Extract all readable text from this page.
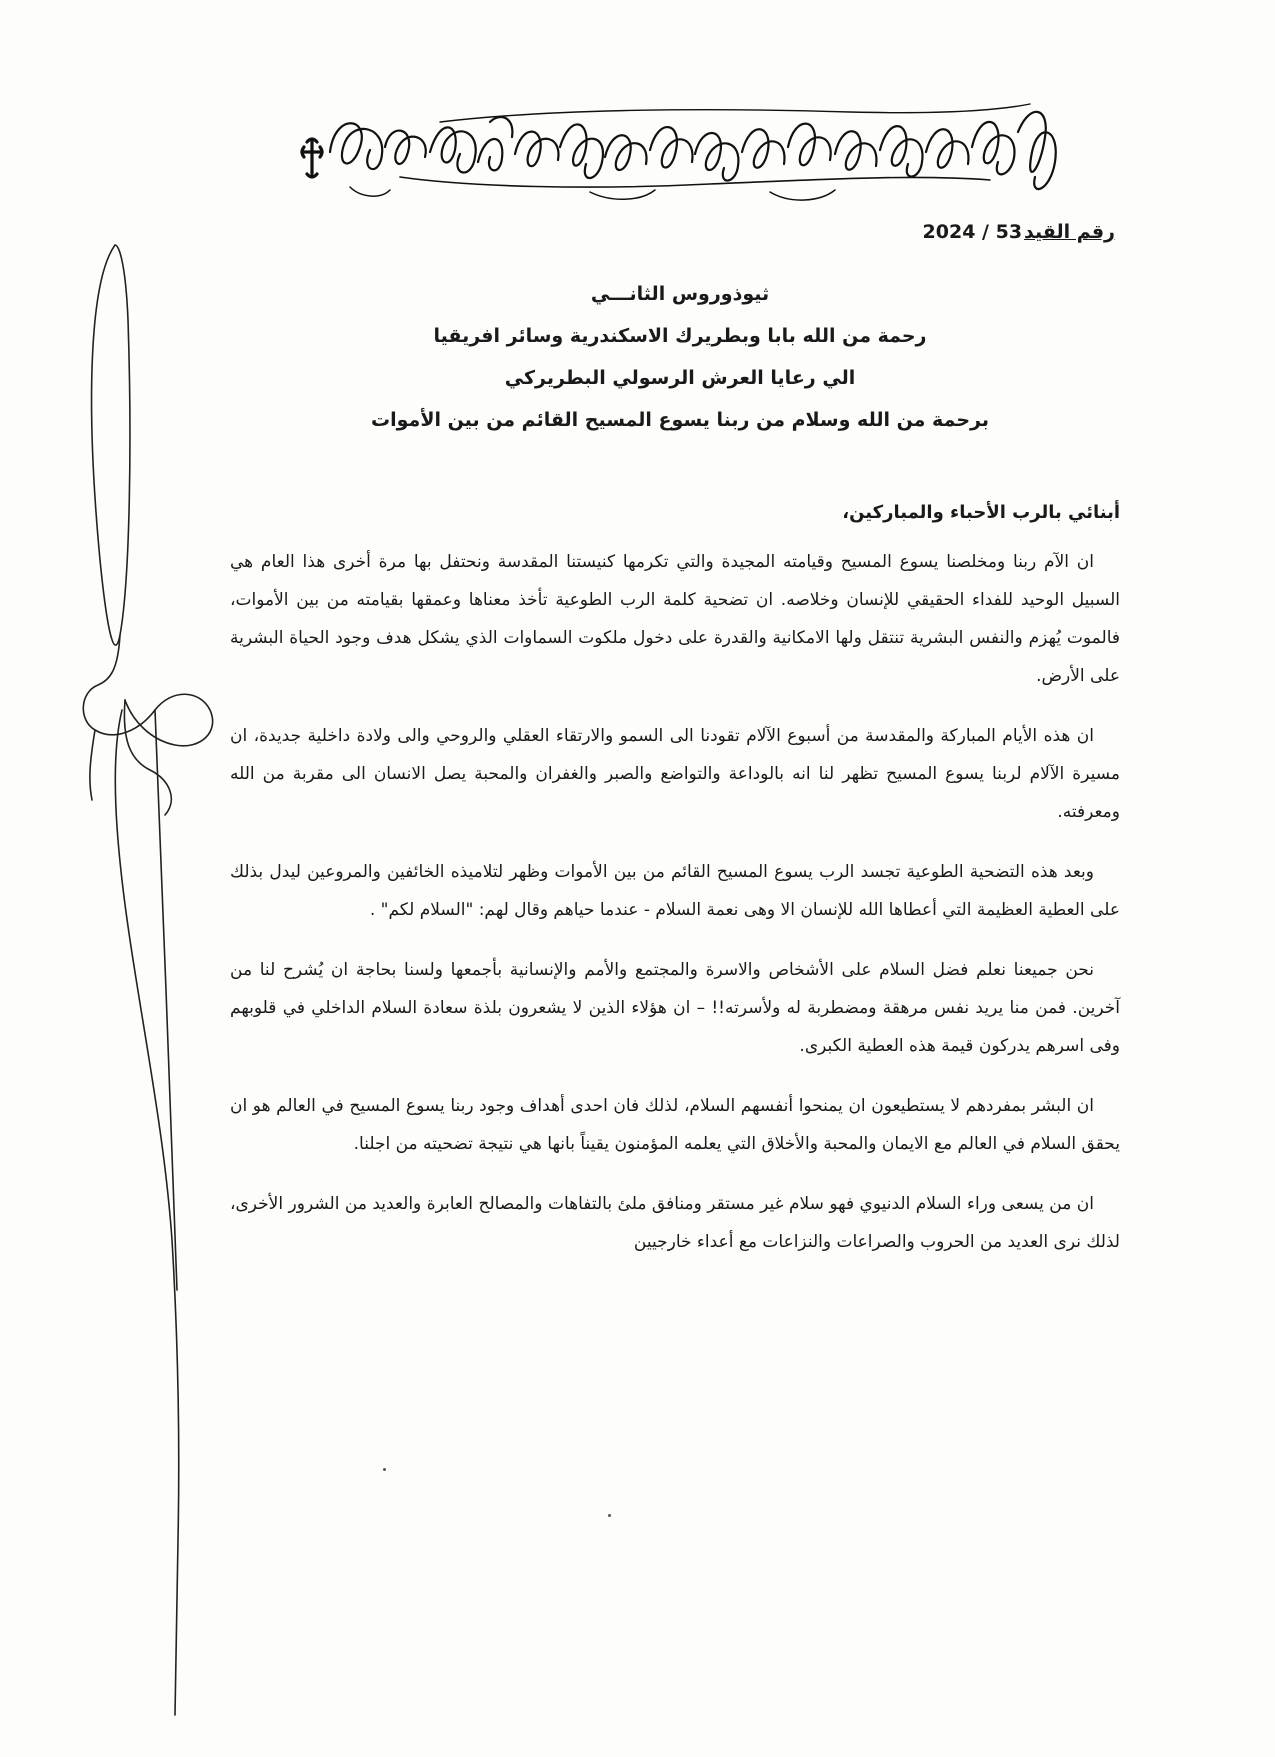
رقم القيد2024 / 53
ثيوذوروس الثانـــي
رحمة من الله بابا وبطريرك الاسكندرية وسائر افريقيا
الي رعايا العرش الرسولي البطريركي
برحمة من الله وسلام من ربنا يسوع المسيح القائم من بين الأموات

أبنائي بالرب الأحباء والمباركين،

ان الآم ربنا ومخلصنا يسوع المسيح وقيامته المجيدة والتي تكرمها كنيستنا المقدسة ونحتفل بها مرة أخرى هذا العام هي السبيل الوحيد للفداء الحقيقي للإنسان وخلاصه. ان تضحية كلمة الرب الطوعية تأخذ معناها وعمقها بقيامته من بين الأموات، فالموت يُهزم والنفس البشرية تنتقل ولها الامكانية والقدرة على دخول ملكوت السماوات الذي يشكل هدف وجود الحياة البشرية على الأرض.

ان هذه الأيام المباركة والمقدسة من أسبوع الآلام تقودنا الى السمو والارتقاء العقلي والروحي والى ولادة داخلية جديدة، ان مسيرة الآلام لربنا يسوع المسيح تظهر لنا انه بالوداعة والتواضع والصبر والغفران والمحبة يصل الانسان الى مقربة من الله ومعرفته.

وبعد هذه التضحية الطوعية تجسد الرب يسوع المسيح القائم من بين الأموات وظهر لتلاميذه الخائفين والمروعين ليدل بذلك على العطية العظيمة التي أعطاها الله للإنسان الا وهى نعمة السلام - عندما حياهم وقال لهم: "السلام لكم" .

نحن جميعنا نعلم فضل السلام على الأشخاص والاسرة والمجتمع والأمم والإنسانية بأجمعها ولسنا بحاجة ان يُشرح لنا من آخرين. فمن منا يريد نفس مرهقة ومضطربة له ولأسرته!! – ان هؤلاء الذين لا يشعرون بلذة سعادة السلام الداخلي في قلوبهم وفى اسرهم يدركون قيمة هذه العطية الكبرى.

ان البشر بمفردهم لا يستطيعون ان يمنحوا أنفسهم السلام، لذلك فان احدى أهداف وجود ربنا يسوع المسيح في العالم هو ان يحقق السلام في العالم مع الايمان والمحبة والأخلاق التي يعلمه المؤمنون يقيناً بانها هي نتيجة تضحيته من اجلنا.

ان من يسعى وراء السلام الدنيوي فهو سلام غير مستقر ومنافق ملئ بالتفاهات والمصالح العابرة والعديد من الشرور الأخرى، لذلك نرى العديد من الحروب والصراعات والنزاعات مع أعداء خارجيين
